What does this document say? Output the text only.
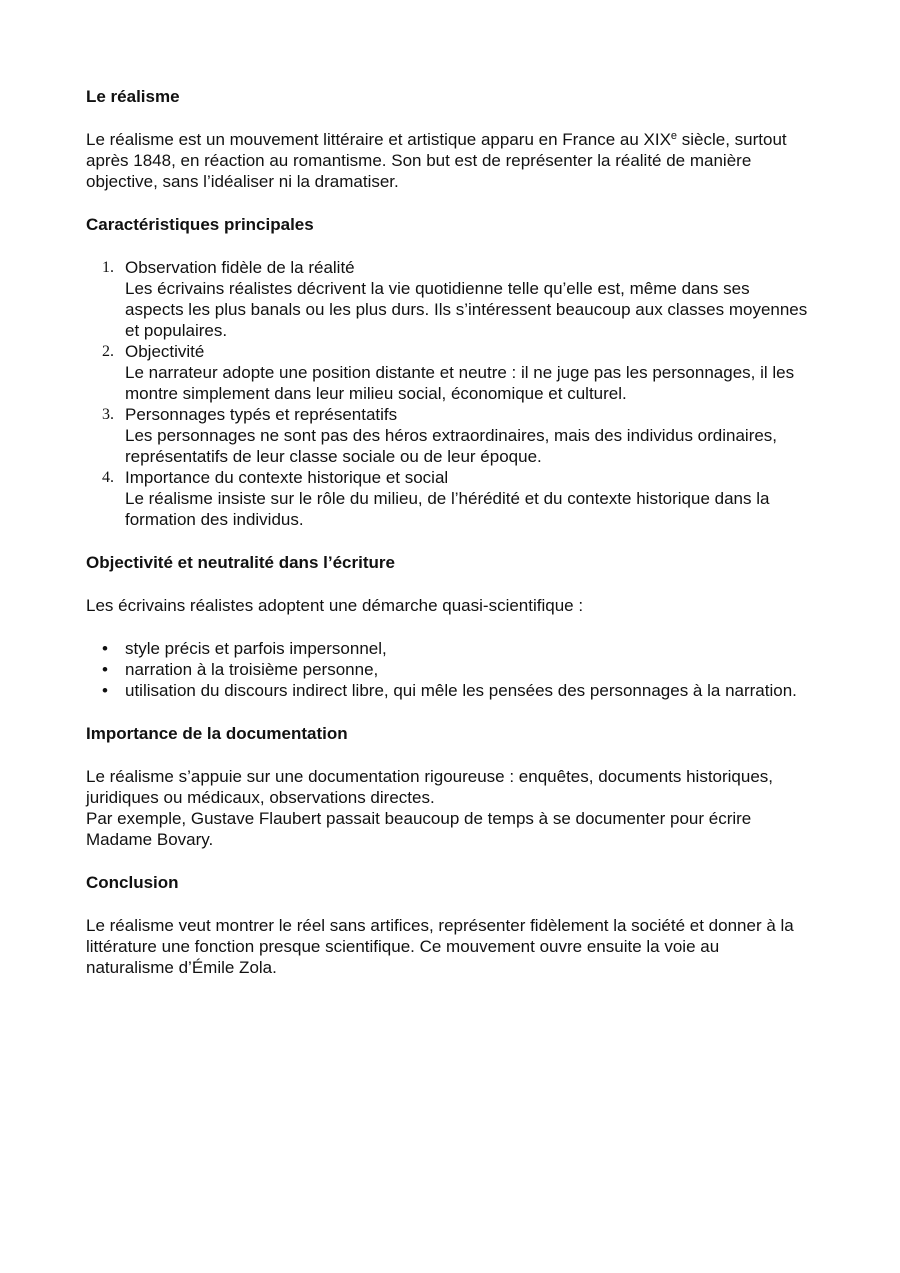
Le réalisme

Le réalisme est un mouvement littéraire et artistique apparu en France au XIXe siècle, surtout après 1848, en réaction au romantisme. Son but est de représenter la réalité de manière objective, sans l’idéaliser ni la dramatiser.

Caractéristiques principales
1. Observation fidèle de la réalité
Les écrivains réalistes décrivent la vie quotidienne telle qu’elle est, même dans ses aspects les plus banals ou les plus durs. Ils s’intéressent beaucoup aux classes moyennes et populaires.
2. Objectivité
Le narrateur adopte une position distante et neutre : il ne juge pas les personnages, il les montre simplement dans leur milieu social, économique et culturel.
3. Personnages typés et représentatifs
Les personnages ne sont pas des héros extraordinaires, mais des individus ordinaires, représentatifs de leur classe sociale ou de leur époque.
4. Importance du contexte historique et social
Le réalisme insiste sur le rôle du milieu, de l’hérédité et du contexte historique dans la formation des individus.
Objectivité et neutralité dans l’écriture

Les écrivains réalistes adoptent une démarche quasi-scientifique :

• style précis et parfois impersonnel,
• narration à la troisième personne,
• utilisation du discours indirect libre, qui mêle les pensées des personnages à la narration.
Importance de la documentation

Le réalisme s’appuie sur une documentation rigoureuse : enquêtes, documents historiques, juridiques ou médicaux, observations directes.

Par exemple, Gustave Flaubert passait beaucoup de temps à se documenter pour écrire Madame Bovary.

Conclusion

Le réalisme veut montrer le réel sans artifices, représenter fidèlement la société et donner à la littérature une fonction presque scientifique. Ce mouvement ouvre ensuite la voie au naturalisme d’Émile Zola.
